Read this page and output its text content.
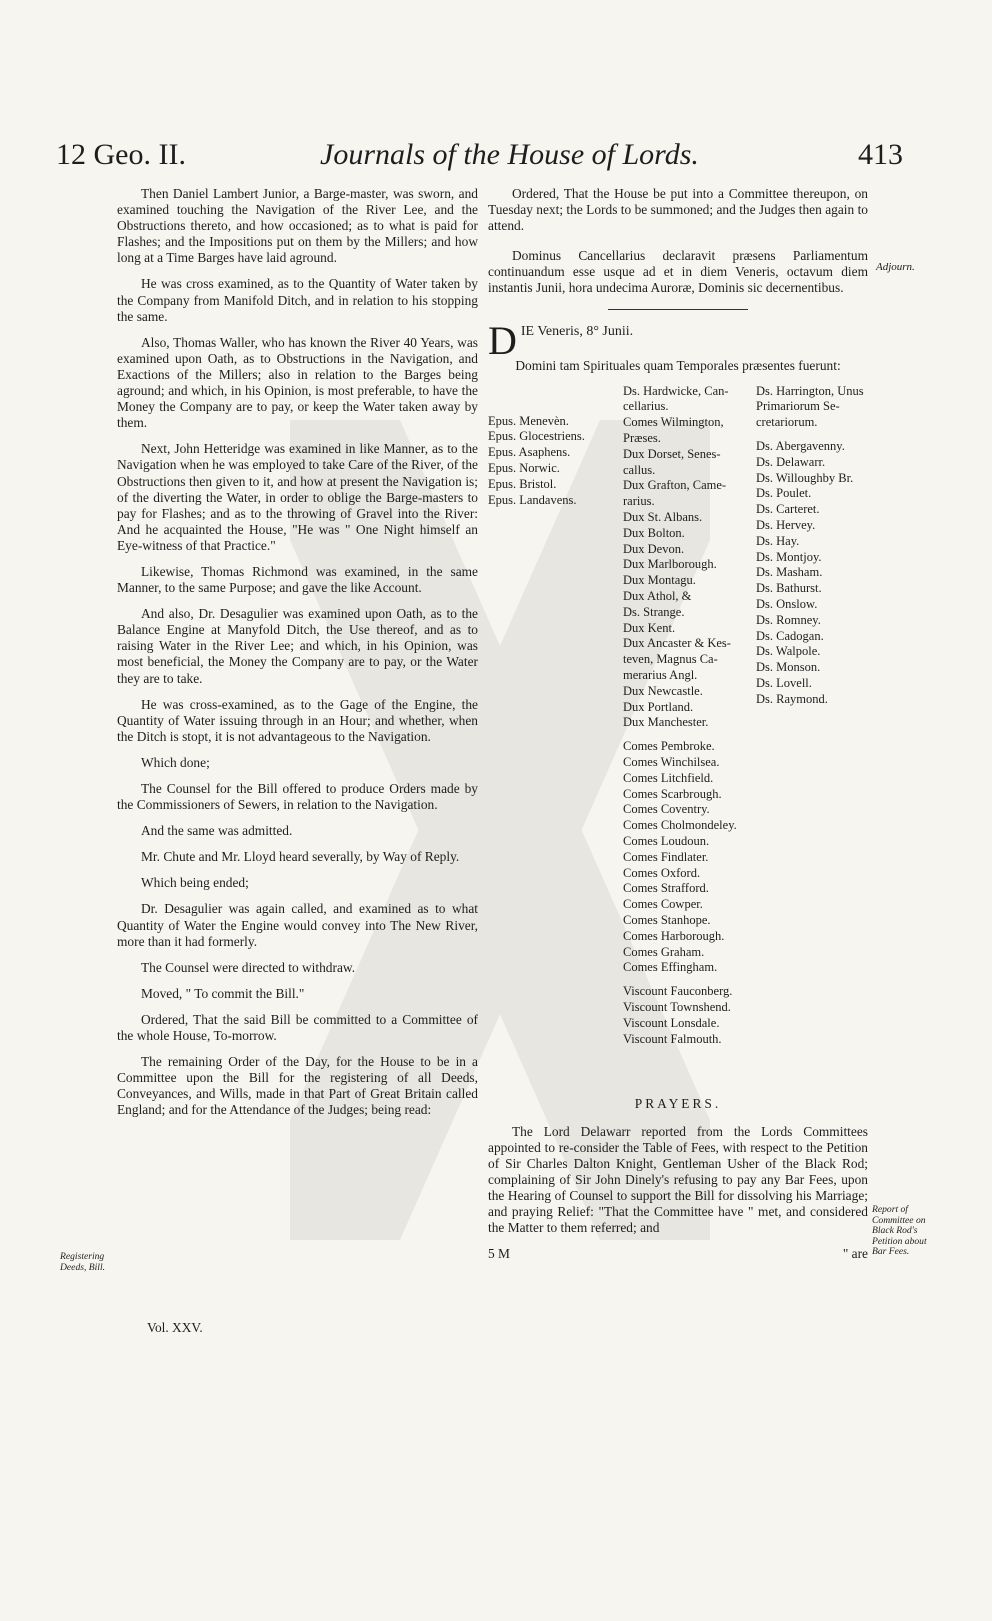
12 Geo. II.	Journals of the House of Lords.	413

Then Daniel Lambert Junior, a Barge-master, was sworn, and examined touching the Navigation of the River Lee, and the Obstructions thereto, and how occasioned; as to what is paid for Flashes; and the Impositions put on them by the Millers; and how long at a Time Barges have laid aground.

He was cross examined, as to the Quantity of Water taken by the Company from Manifold Ditch, and in relation to his stopping the same.

Also, Thomas Waller, who has known the River 40 Years, was examined upon Oath, as to Obstructions in the Navigation, and Exactions of the Millers; also in relation to the Barges being aground; and which, in his Opinion, is most preferable, to have the Money the Company are to pay, or keep the Water taken away by them.

Next, John Hetteridge was examined in like Manner, as to the Navigation when he was employed to take Care of the River, of the Obstructions then given to it, and how at present the Navigation is; of the diverting the Water, in order to oblige the Barge-masters to pay for Flashes; and as to the throwing of Gravel into the River: And he acquainted the House, "He was " One Night himself an Eye-witness of that Practice."

Likewise, Thomas Richmond was examined, in the same Manner, to the same Purpose; and gave the like Account.

And also, Dr. Desagulier was examined upon Oath, as to the Balance Engine at Manyfold Ditch, the Use thereof, and as to raising Water in the River Lee; and which, in his Opinion, was most beneficial, the Money the Company are to pay, or the Water they are to take.

He was cross-examined, as to the Gage of the Engine, the Quantity of Water issuing through in an Hour; and whether, when the Ditch is stopt, it is not advantageous to the Navigation.

Which done;

The Counsel for the Bill offered to produce Orders made by the Commissioners of Sewers, in relation to the Navigation.

And the same was admitted.

Mr. Chute and Mr. Lloyd heard severally, by Way of Reply.

Which being ended;

Dr. Desagulier was again called, and examined as to what Quantity of Water the Engine would convey into The New River, more than it had formerly.

The Counsel were directed to withdraw.

Moved, " To commit the Bill."

Ordered, That the said Bill be committed to a Committee of the whole House, To-morrow.

The remaining Order of the Day, for the House to be in a Committee upon the Bill for the registering of all Deeds, Conveyances, and Wills, made in that Part of Great Britain called England; and for the Attendance of the Judges; being read:

Registering Deeds, Bill.
Vol. XXV.

Ordered, That the House be put into a Committee thereupon, on Tuesday next; the Lords to be summoned; and the Judges then again to attend.

Dominus Cancellarius declaravit præsens Parliamentum continuandum esse usque ad et in diem Veneris, octavum diem instantis Junii, hora undecima Auroræ, Dominis sic decernentibus.

D IE Veneris, 8° Junii.
Domini tam Spirituales quam Temporales præsentes fuerunt:
Epus. Menevèn.
Epus. Glocestriens.
Epus. Asaphens.
Epus. Norwic.
Epus. Bristol.
Epus. Landavens.
Ds. Hardwicke, Can-
cellarius.
Comes Wilmington,
Præses.
Dux Dorset, Senes-
callus.
Dux Grafton, Came-
rarius.
Dux St. Albans.
Dux Bolton.
Dux Devon.
Dux Marlborough.
Dux Montagu.
Dux Athol, &
Ds. Strange.
Dux Kent.
Dux Ancaster & Kes-
teven, Magnus Ca-
merarius Angl.
Dux Newcastle.
Dux Portland.
Dux Manchester.
Comes Pembroke.
Comes Winchilsea.
Comes Litchfield.
Comes Scarbrough.
Comes Coventry.
Comes Cholmondeley.
Comes Loudoun.
Comes Findlater.
Comes Oxford.
Comes Strafford.
Comes Cowper.
Comes Stanhope.
Comes Harborough.
Comes Graham.
Comes Effingham.
Viscount Fauconberg.
Viscount Townshend.
Viscount Lonsdale.
Viscount Falmouth.
Ds. Harrington, Unus
Primariorum Se-
cretariorum.
Ds. Abergavenny.
Ds. Delawarr.
Ds. Willoughby Br.
Ds. Poulet.
Ds. Carteret.
Ds. Hervey.
Ds. Hay.
Ds. Montjoy.
Ds. Masham.
Ds. Bathurst.
Ds. Onslow.
Ds. Romney.
Ds. Cadogan.
Ds. Walpole.
Ds. Monson.
Ds. Lovell.
Ds. Raymond.
PRAYERS.

The Lord Delawarr reported from the Lords Committees appointed to re-consider the Table of Fees, with respect to the Petition of Sir Charles Dalton Knight, Gentleman Usher of the Black Rod; complaining of Sir John Dinely's refusing to pay any Bar Fees, upon the Hearing of Counsel to support the Bill for dissolving his Marriage; and praying Relief: "That the Committee have " met, and considered the Matter to them referred; and

5 M	" are
Adjourn.
Report of Committee on Black Rod's Petition about Bar Fees.
